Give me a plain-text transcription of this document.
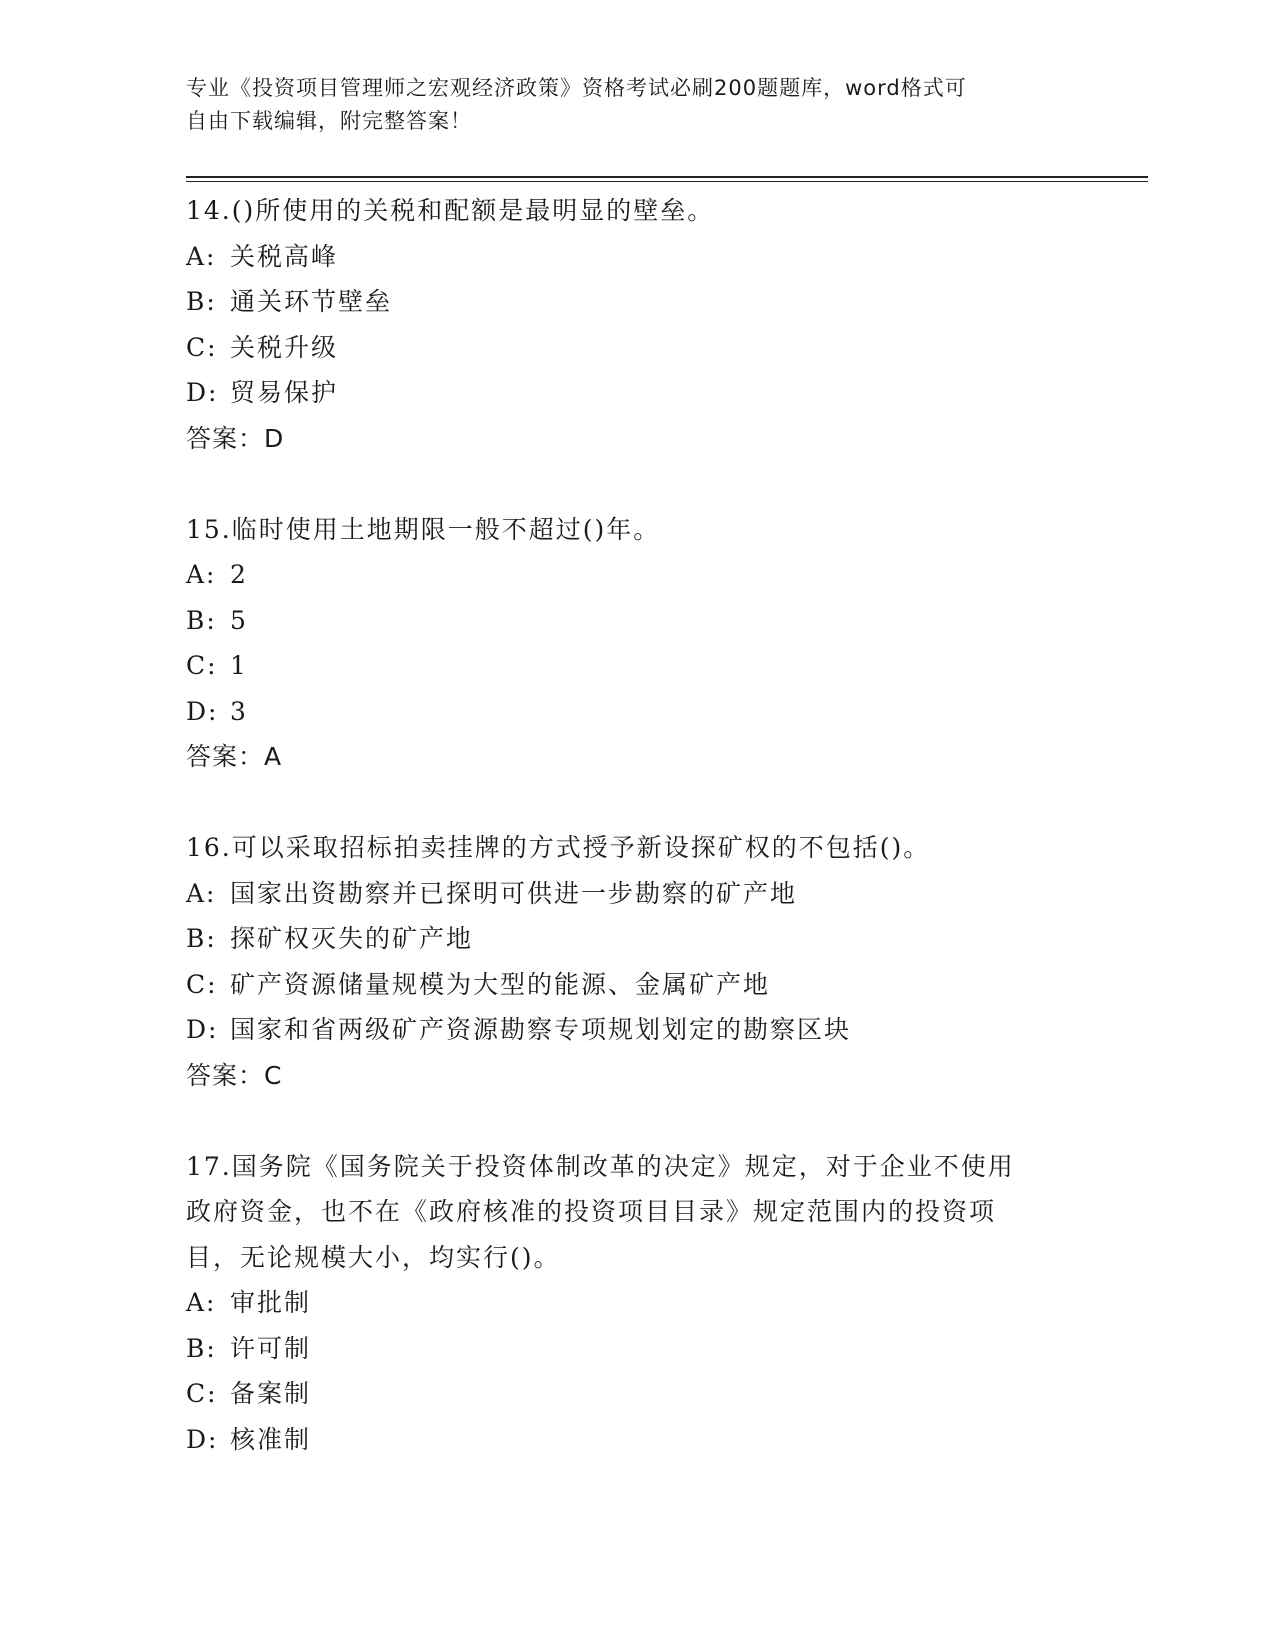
专业《投资项目管理师之宏观经济政策》资格考试必刷200题题库，word格式可
自由下载编辑，附完整答案！
14.()所使用的关税和配额是最明显的壁垒。
A: 关税高峰
B: 通关环节壁垒
C: 关税升级
D: 贸易保护
答案：D
15.临时使用土地期限一般不超过()年。
A: 2
B: 5
C: 1
D: 3
答案：A
16.可以采取招标拍卖挂牌的方式授予新设探矿权的不包括()。
A: 国家出资勘察并已探明可供进一步勘察的矿产地
B: 探矿权灭失的矿产地
C: 矿产资源储量规模为大型的能源、金属矿产地
D: 国家和省两级矿产资源勘察专项规划划定的勘察区块
答案：C
17.国务院《国务院关于投资体制改革的决定》规定，对于企业不使用
政府资金，也不在《政府核准的投资项目目录》规定范围内的投资项
目，无论规模大小，均实行()。
A: 审批制
B: 许可制
C: 备案制
D: 核准制
